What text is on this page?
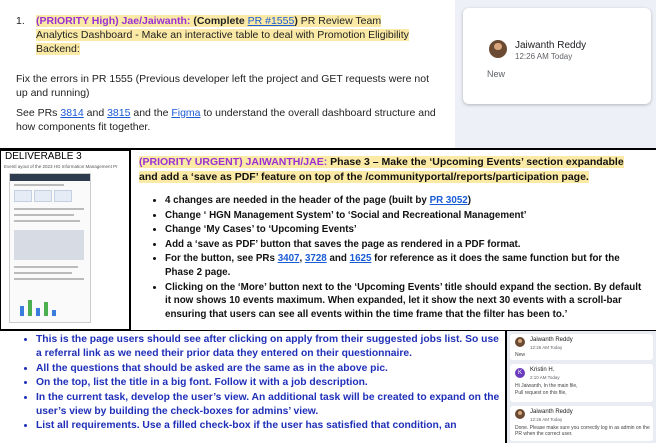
1. (PRIORITY High) Jae/Jaiwanth: (Complete PR #1555) PR Review Team Analytics Dashboard - Make an interactive table to deal with Promotion Eligibility Backend:
Fix the errors in PR 1555 (Previous developer left the project and GET requests were not up and running)
See PRs 3814 and 3815 and the Figma to understand the overall dashboard structure and how components fit together.
Jaiwanth Reddy
12:26 AM Today
New
DELIVERABLE 3
Eventl ayout of the 2023 HG Information Management Pr	(PRIORITY URGENT) JAIWANTH/JAE: Phase 3 – Make the ‘Upcoming Events’ section expandable and add a ‘save as PDF’ feature on top of the /communityportal/reports/participation page.
• 4 changes are needed in the header of the page (built by PR 3052)
• Change ‘ HGN Management System’ to ‘Social and Recreational Management’
• Change ‘My Cases’ to ‘Upcoming Events’
• Add a ‘save as PDF’ button that saves the page as rendered in a PDF format.
• For the button, see PRs 3407, 3728 and 1625 for reference as it does the same function but for the Phase 2 page.
• Clicking on the ‘More’ button next to the ‘Upcoming Events’ title should expand the section. By default it now shows 10 events maximum. When expanded, let it show the next 30 events with a scroll-bar ensuring that users can see all events within the time frame that the filter has been to.’
• This is the page users should see after clicking on apply from their suggested jobs list. So use a referral link as we need their prior data they entered on their questionnaire.
• All the questions that should be asked are the same as in the above pic.
• On the top, list the title in a big font. Follow it with a job description.
• In the current task, develop the user’s view. An additional task will be created to expand on the user’s view by building the check-boxes for admins’ view.
• List all requirements. Use a filled check-box if the user has satisfied that condition, an
Jaiwanth Reddy
12:26 AM Today
New
K	Kristin H.
2:10 AM Today
Hi Jaiwanth, In the main file,
Pull request on this file,
Jaiwanth Reddy
12:26 AM Today
Done. Please make sure you correctly log in as admin on the PR when the correct user.
